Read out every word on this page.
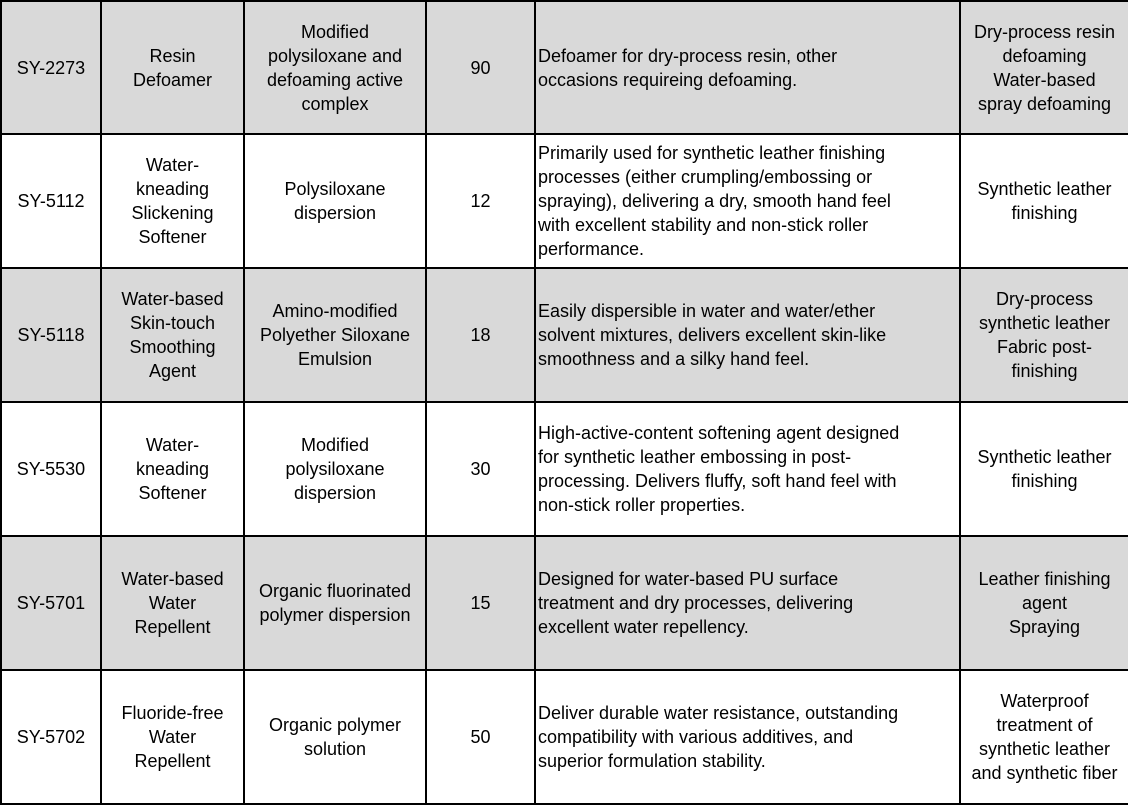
SY-2273	Resin
Defoamer	Modified
polysiloxane and
defoaming active
complex	90	Defoamer for dry-process resin, other
occasions requireing defoaming.	Dry-process resin
defoaming
Water-based
spray defoaming
SY-5112	Water-
kneading
Slickening
Softener	Polysiloxane
dispersion	12	Primarily used for synthetic leather finishing
processes (either crumpling/embossing or
spraying), delivering a dry, smooth hand feel
with excellent stability and non-stick roller
performance.	Synthetic leather
finishing
SY-5118	Water-based
Skin-touch
Smoothing
Agent	Amino-modified
Polyether Siloxane
Emulsion	18	Easily dispersible in water and water/ether
solvent mixtures, delivers excellent skin-like
smoothness and a silky hand feel.	Dry-process
synthetic leather
Fabric post-
finishing
SY-5530	Water-
kneading
Softener	Modified
polysiloxane
dispersion	30	High-active-content softening agent designed
for synthetic leather embossing in post-
processing. Delivers fluffy, soft hand feel with
non-stick roller properties.	Synthetic leather
finishing
SY-5701	Water-based
Water
Repellent	Organic fluorinated
polymer dispersion	15	Designed for water-based PU surface
treatment and dry processes, delivering
excellent water repellency.	Leather finishing
agent
Spraying
SY-5702	Fluoride-free
Water
Repellent	Organic polymer
solution	50	Deliver durable water resistance, outstanding
compatibility with various additives, and
superior formulation stability.	Waterproof
treatment of
synthetic leather
and synthetic fiber
